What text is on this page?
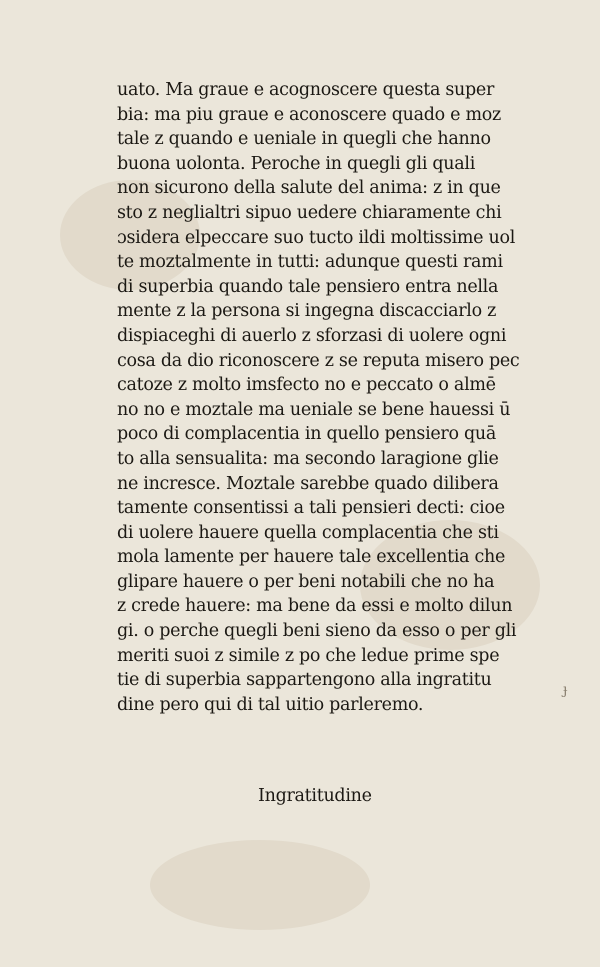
uato. Ma graue e acognoscere questa super
bia: ma piu graue e aconoscere quado e moz
tale z quando e ueniale in quegli che hanno
buona uolonta. Peroche in quegli gli quali
non sicurono della salute del anima: z in que
sto z neglialtri sipuo uedere chiaramente chi
ɔsidera elpeccare suo tucto ildi moltissime uol
te moztalmente in tutti: adunque questi rami
di superbia quando tale pensiero entra nella
mente z la persona si ingegna discacciarlo z
dispiaceghi di auerlo z sforzasi di uolere ogni
cosa da dio riconoscere z se reputa misero pec
catoze z molto imsfecto no e peccato o almē
no no e moztale ma ueniale se bene hauessi ū
poco di complacentia in quello pensiero quā
to alla sensualita: ma secondo laragione glie
ne incresce. Moztale sarebbe quado dilibera
tamente consentissi a tali pensieri decti: cioe
di uolere hauere quella complacentia che sti
mola lamente per hauere tale excellentia che
glipare hauere o per beni notabili che no ha
z crede hauere: ma bene da essi e molto dilun
gi. o perche quegli beni sieno da esso o per gli
meriti suoi z simile z po che ledue prime spe
tie di superbia sappartengono alla ingratitu
dine pero qui di tal uitio parleremo.
Ingratitudine
ɟ
